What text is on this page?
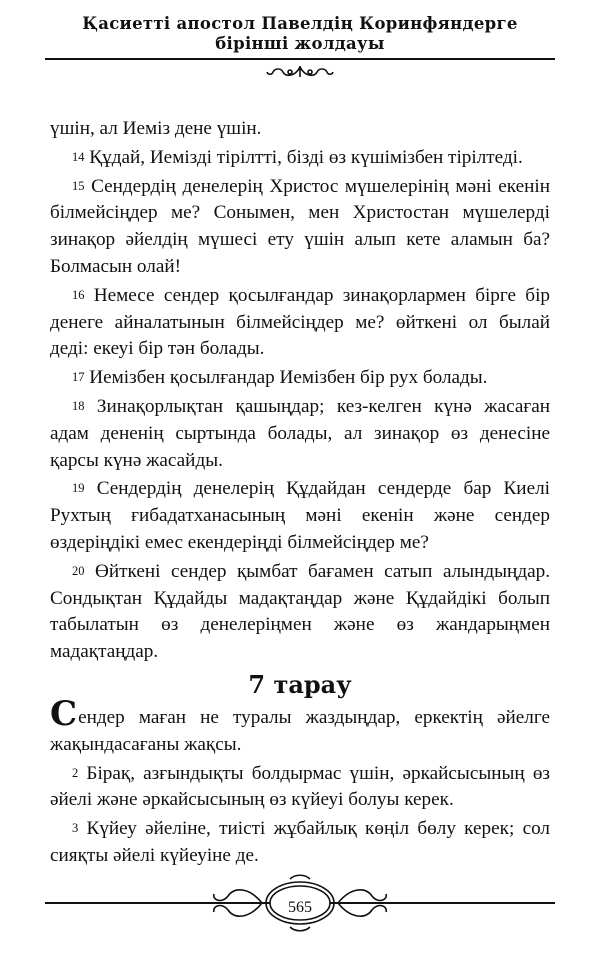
Қасиетті апостол Павелдің Коринфяндерге
бірінші жолдауы

үшін, ал Иеміз дене үшін.

$^{14}$ Құдай, Иемізді тірілтті, бізді өз күшімізбен тірілтеді.

$^{15}$ Сендердің денелерің Христос мүшелерінің мәні екенін білмейсіңдер ме? Сонымен, мен Христостан мүшелерді зинақор әйелдің мүшесі ету үшін алып кете аламын ба? Болмасын олай!

$^{16}$ Немесе сендер қосылғандар зинақорлармен бірге бір денеге айналатынын білмейсіңдер ме? өйткені ол былай деді: екеуі бір тән болады.

$^{17}$ Иемізбен қосылғандар Иемізбен бір рух болады.

$^{18}$ Зинақорлықтан қашыңдар; кез-келген күнә жасаған адам дененің сыртында болады, ал зинақор өз денесіне қарсы күнә жасайды.

$^{19}$ Сендердің денелерің Құдайдан сендерде бар Киелі Рухтың ғибадатханасының мәні екенін және сендер өздеріңдікі емес екендеріңді білмейсіңдер ме?

$^{20}$ Өйткені сендер қымбат бағамен сатып алындыңдар. Сондықтан Құдайды мадақтаңдар және Құдайдікі болып табылатын өз денелеріңмен және өз жандарыңмен мадақтаңдар.

7 тарау

Сендер маған не туралы жаздыңдар, еркектің әйелге жақындасағаны жақсы.

$^2$ Бірақ, азғындықты болдырмас үшін, әркайсысының өз әйелі және әркайсысының өз күйеуі болуы керек.

$^3$ Күйеу әйеліне, тиісті жұбайлық көңіл бөлу керек; сол сияқты әйелі күйеуіне де.

565
